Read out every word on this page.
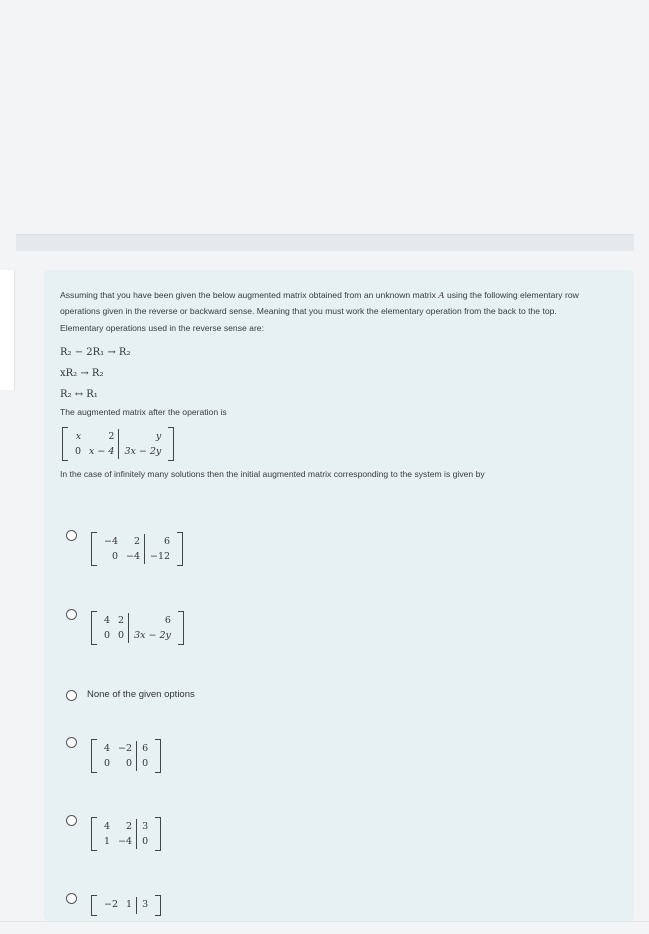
Assuming that you have been given the below augmented matrix obtained from an unknown matrix A using the following elementary row operations given in the reverse or backward sense. Meaning that you must work the elementary operation from the back to the top.

Elementary operations used in the reverse sense are:

R₂ − 2R₁ → R₂
xR₂ → R₂
R₂ ↔ R₁

The augmented matrix after the operation is

x	2	y
0	x − 4	3x − 2y

In the case of infinitely many solutions then the initial augmented matrix corresponding to the system is given by

−4	2	6
0	−4	−12
4	2	6
0	0	3x − 2y
None of the given options
4	−2	6
0	0	0
4	2	3
1	−4	0
−2	1	3
